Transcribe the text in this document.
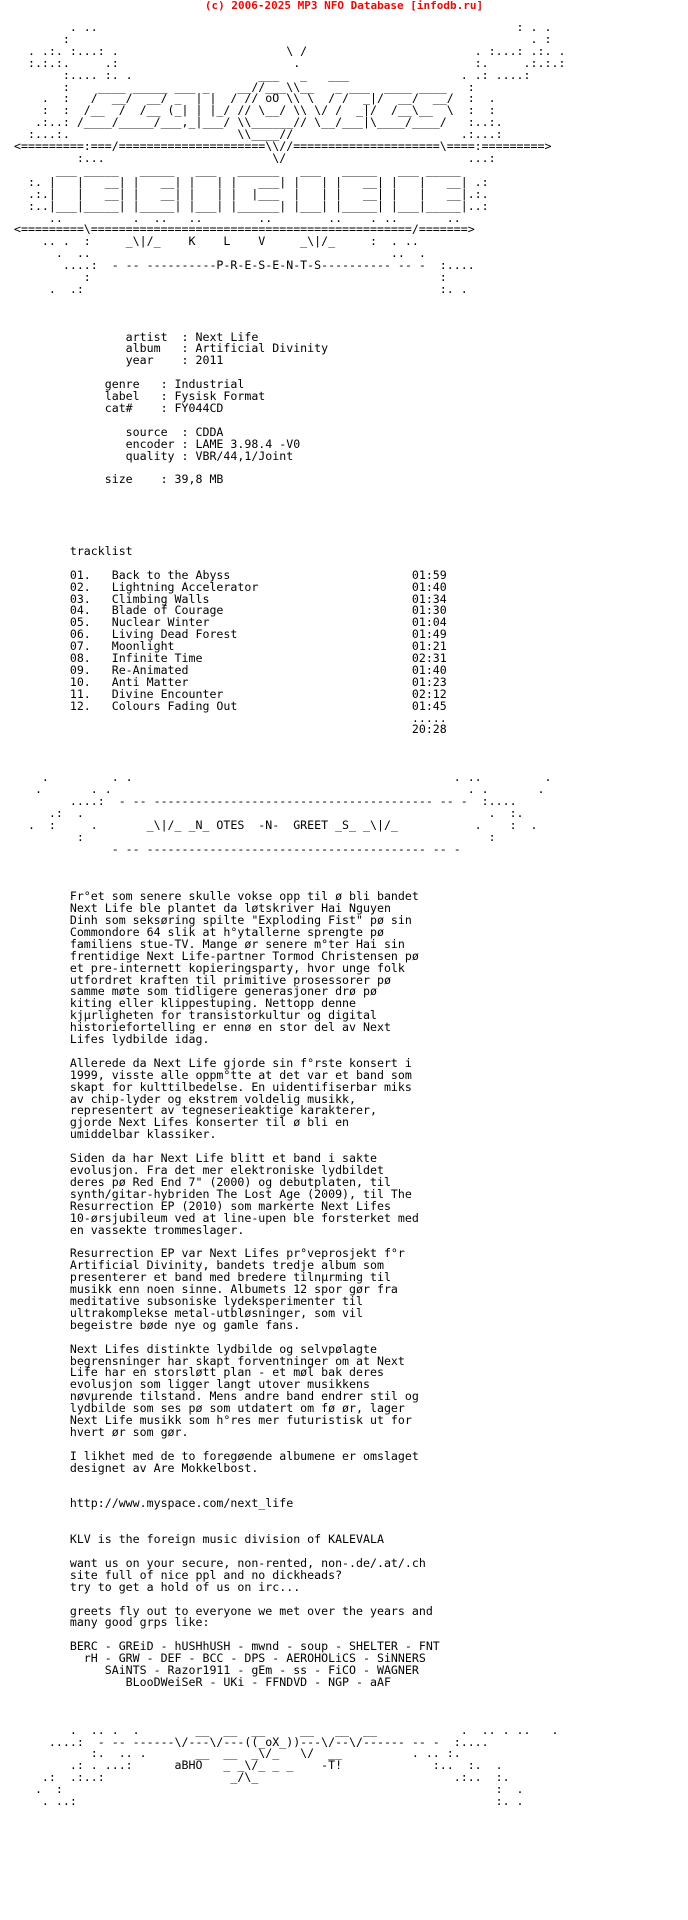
(c) 2006-2025 MP3 NFO Database [infodb.ru]
. ..                                                            : . .
:                                                                  . :
. .:. :...: .                        \ /                        . :...: .:. .
:.:.:.     .:                         .                         :.     .:.:.:
:.... :. .                  ___   _   ___                . .: ....:
:    ____ _____ ___ _    __//___\\__   _ ___  ____ ____   :
.  :   /  __/  __/ _  | |  / // oO \\ \  / /  _|/  __/  __/  :  .
:  :  /__  /  /__ (_| | |_/ // \__/ \\ \/ /  _|/  /__\__  \  :  :
.:..: /____/_____/___,_|___/ \\______// \__/___|\____/____/   :..:.
:...:.                        \\____//                        .:...:
<=========:===/=====================\\//=====================\====:=========>
:...                        \/                          ...:
___ _____   _____   ___   ______   ___   _____   ___ _____
:. |   |   __| |   __| |   | |   ___| |   | |   __| |   |   __| .:
.:.|   |   __| |   __| |   | |  |___  |   | |   __| |   |   __|.:.
:..|___|_____| |_____| |___| |______| |___| |_____| |___|_____|..:
..          .  ..   ..        ..        ..    . ..       ..
<=========\==============================================/=======>
.. .  :     _\|/_    K    L    V     _\|/_     :  . ..
.  ..                                           ..  .
....:  - -- ----------P-R-E-S-E-N-T-S---------- -- -  :....
:                                                  :
.  .:                                                   :. .

artist  : Next Life
album   : Artificial Divinity
year    : 2011

genre   : Industrial
label   : Fysisk Format
cat#    : FY044CD

source  : CDDA
encoder : LAME 3.98.4 -V0
quality : VBR/44,1/Joint

size    : 39,8 MB

tracklist

01.   Back to the Abyss                          01:59
02.   Lightning Accelerator                      01:40
03.   Climbing Walls                             01:34
04.   Blade of Courage                           01:30
05.   Nuclear Winter                             01:04
06.   Living Dead Forest                         01:49
07.   Moonlight                                  01:21
08.   Infinite Time                              02:31
09.   Re-Animated                                01:40
10.   Anti Matter                                01:23
11.   Divine Encounter                           02:12
12.   Colours Fading Out                         01:45
.....
20:28

.         . .                                              . ..         .
.       . .                                                   . .       .
....:  - -- ---------------------------------------- -- -  :....
.:  .                                                          .  :.
.  :     .       _\|/_ _N_ OTES  -N-  GREET _S_ _\|/_           .    :  .
:                                                          :
- -- ---------------------------------------- -- -

Fr°et som senere skulle vokse opp til ø bli bandet
Next Life ble plantet da løtskriver Hai Nguyen
Dinh som seksøring spilte "Exploding Fist" pø sin
Commondore 64 slik at h°ytallerne sprengte pø
familiens stue-TV. Mange ør senere m°ter Hai sin
frentidige Next Life-partner Tormod Christensen pø
et pre-internett kopieringsparty, hvor unge folk
utfordret kraften til primitive prosessorer pø
samme møte som tidligere generasjoner drø pø
kiting eller klippestuping. Nettopp denne
kjµrligheten for transistorkultur og digital
historiefortelling er ennø en stor del av Next
Lifes lydbilde idag.

Allerede da Next Life gjorde sin f°rste konsert i
1999, visste alle oppm°tte at det var et band som
skapt for kulttilbedelse. En uidentifiserbar miks
av chip-lyder og ekstrem voldelig musikk,
representert av tegneserieaktige karakterer,
gjorde Next Lifes konserter til ø bli en
umiddelbar klassiker.

Siden da har Next Life blitt et band i sakte
evolusjon. Fra det mer elektroniske lydbildet
deres pø Red End 7" (2000) og debutplaten, til
synth/gitar-hybriden The Lost Age (2009), til The
Resurrection EP (2010) som markerte Next Lifes
10-ørsjubileum ved at line-upen ble forsterket med
en vassekte trommeslager.

Resurrection EP var Next Lifes pr°veprosjekt f°r
Artificial Divinity, bandets tredje album som
presenterer et band med bredere tilnµrming til
musikk enn noen sinne. Albumets 12 spor gør fra
meditative subsoniske lydeksperimenter til
ultrakomplekse metal-utbløsninger, som vil
begeistre bøde nye og gamle fans.

Next Lifes distinkte lydbilde og selvpølagte
begrensninger har skapt forventninger om at Next
Life har en storsløtt plan - et møl bak deres
evolusjon som ligger langt utover musikkens
nøvµrende tilstand. Mens andre band endrer stil og
lydbilde som ses pø som utdatert om fø ør, lager
Next Life musikk som h°res mer futuristisk ut for
hvert ør som gør.

I likhet med de to foregøende albumene er omslaget
designet av Are Mokkelbost.

http://www.myspace.com/next_life

KLV is the foreign music division of KALEVALA

want us on your secure, non-rented, non-.de/.at/.ch
site full of nice ppl and no dickheads?
try to get a hold of us on irc...

greets fly out to everyone we met over the years and
many good grps like:

BERC - GREiD - hUSHhUSH - mwnd - soup - SHELTER - FNT
rH - GRW - DEF - BCC - DPS - AEROHOLiCS - SiNNERS
SAiNTS - Razor1911 - gEm - ss - FiCO - WAGNER
BLooDWeiSeR - UKi - FFNDVD - NGP - aAF

.  .. .  .        __  __  __     __   __  __            .  .. . ..   .
....:  - -- ------\/---\/---((_oX_))---\/--\/------ -- -  :....
:.  .. .       __  __  _\/_   \/  __          . .. :.
.: . ...:      aBHO   _ _\/_ _ _    -T!             :..  :.  .
.:  .:..:                  _/\_                            .:..  :.
.  :                                                              :  .
. ..:                                                            :. .
